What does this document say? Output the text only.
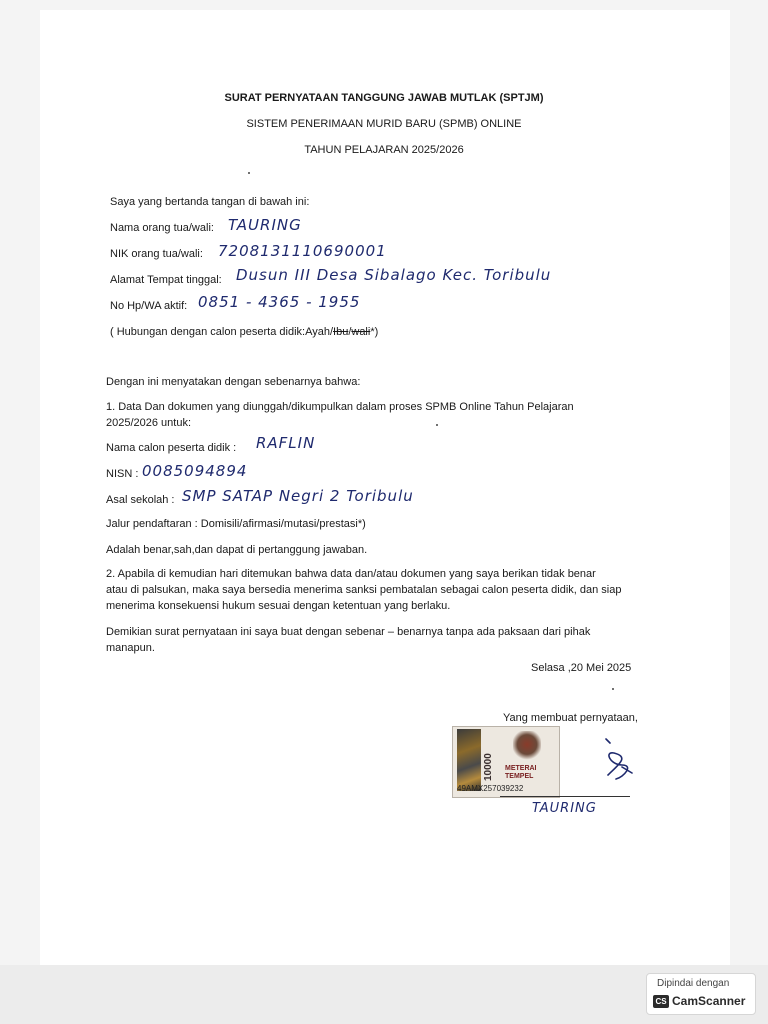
SURAT PERNYATAAN TANGGUNG JAWAB MUTLAK (SPTJM)
SISTEM PENERIMAAN MURID BARU (SPMB) ONLINE
TAHUN PELAJARAN 2025/2026
Saya yang bertanda tangan di bawah ini:
Nama orang tua/wali: TAURING
NIK orang tua/wali: 7208131110690001
Alamat Tempat tinggal: Dusun III Desa Sibalago Kec. Toribulu
No Hp/WA aktif: 0851 - 4365 - 1955
( Hubungan dengan calon peserta didik:Ayah/Ibu/wali*)
Dengan ini menyatakan dengan sebenarnya bahwa:
1. Data Dan dokumen yang diunggah/dikumpulkan dalam proses SPMB Online Tahun Pelajaran
2025/2026 untuk:
Nama calon peserta didik : RAFLIN
NISN : 0085094894
Asal sekolah : SMP SATAP Negri 2 Toribulu
Jalur pendaftaran : Domisili/afirmasi/mutasi/prestasi*)
Adalah benar,sah,dan dapat di pertanggung jawaban.
2. Apabila di kemudian hari ditemukan bahwa data dan/atau dokumen yang saya berikan tidak benar
atau di palsukan, maka saya bersedia menerima sanksi pembatalan sebagai calon peserta didik, dan siap
menerima konsekuensi hukum sesuai dengan ketentuan yang berlaku.
Demikian surat pernyataan ini saya buat dengan sebenar – benarnya tanpa ada paksaan dari pihak
manapun.
Selasa ,20 Mei 2025
Yang membuat pernyataan,
10000	METERAI
TEMPEL
49AMX257039232
TAURING
Dipindai dengan
CS CamScanner
